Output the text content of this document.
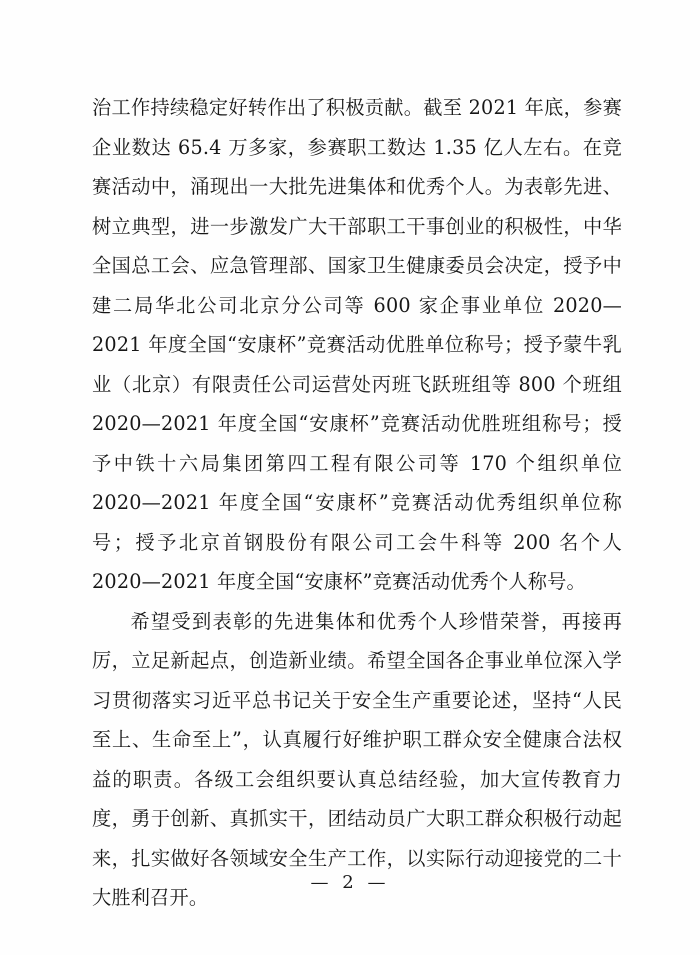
治工作持续稳定好转作出了积极贡献。截至 2021 年底，参赛企业数达 65.4 万多家，参赛职工数达 1.35 亿人左右。在竞赛活动中，涌现出一大批先进集体和优秀个人。为表彰先进、树立典型，进一步激发广大干部职工干事创业的积极性，中华全国总工会、应急管理部、国家卫生健康委员会决定，授予中建二局华北公司北京分公司等 600 家企事业单位 2020—2021 年度全国“安康杯”竞赛活动优胜单位称号；授予蒙牛乳业（北京）有限责任公司运营处丙班飞跃班组等 800 个班组 2020—2021 年度全国“安康杯”竞赛活动优胜班组称号；授予中铁十六局集团第四工程有限公司等 170 个组织单位 2020—2021 年度全国“安康杯”竞赛活动优秀组织单位称号；授予北京首钢股份有限公司工会牛科等 200 名个人 2020—2021 年度全国“安康杯”竞赛活动优秀个人称号。

希望受到表彰的先进集体和优秀个人珍惜荣誉，再接再厉，立足新起点，创造新业绩。希望全国各企事业单位深入学习贯彻落实习近平总书记关于安全生产重要论述，坚持“人民至上、生命至上”，认真履行好维护职工群众安全健康合法权益的职责。各级工会组织要认真总结经验，加大宣传教育力度，勇于创新、真抓实干，团结动员广大职工群众积极行动起来，扎实做好各领域安全生产工作，以实际行动迎接党的二十大胜利召开。

— 2 —
